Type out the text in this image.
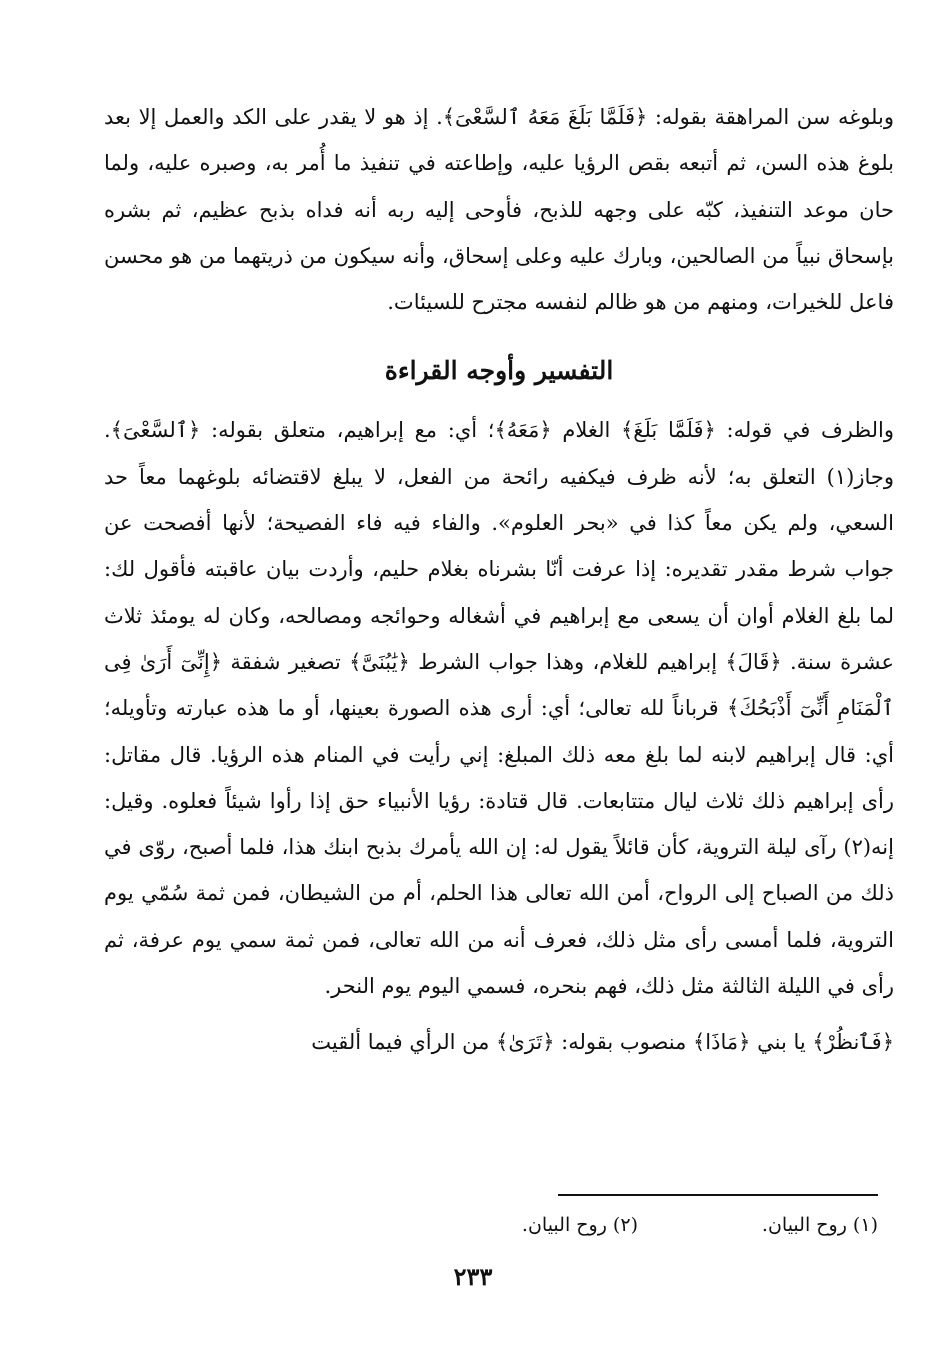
وبلوغه سن المراهقة بقوله: ﴿فَلَمَّا بَلَغَ مَعَهُ ٱلسَّعْىَ﴾. إذ هو لا يقدر على الكد والعمل إلا بعد بلوغ هذه السن، ثم أتبعه بقص الرؤيا عليه، وإطاعته في تنفيذ ما أُمر به، وصبره عليه، ولما حان موعد التنفيذ، كبّه على وجهه للذبح، فأوحى إليه ربه أنه فداه بذبح عظيم، ثم بشره بإسحاق نبياً من الصالحين، وبارك عليه وعلى إسحاق، وأنه سيكون من ذريتهما من هو محسن فاعل للخيرات، ومنهم من هو ظالم لنفسه مجترح للسيئات.

التفسير وأوجه القراءة

والظرف في قوله: ﴿فَلَمَّا بَلَغَ﴾ الغلام ﴿مَعَهُ﴾؛ أي: مع إبراهيم، متعلق بقوله: ﴿ٱلسَّعْىَ﴾. وجاز(١) التعلق به؛ لأنه ظرف فيكفيه رائحة من الفعل، لا يبلغ لاقتضائه بلوغهما معاً حد السعي، ولم يكن معاً كذا في «بحر العلوم». والفاء فيه فاء الفصيحة؛ لأنها أفصحت عن جواب شرط مقدر تقديره: إذا عرفت أنّا بشرناه بغلام حليم، وأردت بيان عاقبته فأقول لك: لما بلغ الغلام أوان أن يسعى مع إبراهيم في أشغاله وحوائجه ومصالحه، وكان له يومئذ ثلاث عشرة سنة. ﴿قَالَ﴾ إبراهيم للغلام، وهذا جواب الشرط ﴿يَٰبُنَىَّ﴾ تصغير شفقة ﴿إِنِّىٓ أَرَىٰ فِى ٱلْمَنَامِ أَنِّىٓ أَذْبَحُكَ﴾ قرباناً لله تعالى؛ أي: أرى هذه الصورة بعينها، أو ما هذه عبارته وتأويله؛ أي: قال إبراهيم لابنه لما بلغ معه ذلك المبلغ: إني رأيت في المنام هذه الرؤيا. قال مقاتل: رأى إبراهيم ذلك ثلاث ليال متتابعات. قال قتادة: رؤيا الأنبياء حق إذا رأوا شيئاً فعلوه. وقيل: إنه(٢) رآى ليلة التروية، كأن قائلاً يقول له: إن الله يأمرك بذبح ابنك هذا، فلما أصبح، روّى في ذلك من الصباح إلى الرواح، أمن الله تعالى هذا الحلم، أم من الشيطان، فمن ثمة سُمّي يوم التروية، فلما أمسى رأى مثل ذلك، فعرف أنه من الله تعالى، فمن ثمة سمي يوم عرفة، ثم رأى في الليلة الثالثة مثل ذلك، فهم بنحره، فسمي اليوم يوم النحر.

﴿فَٱنظُرْ﴾ يا بني ﴿مَاذَا﴾ منصوب بقوله: ﴿تَرَىٰ﴾ من الرأي فيما ألقيت

(١) روح البيان.
(٢) روح البيان.
٢٣٣
